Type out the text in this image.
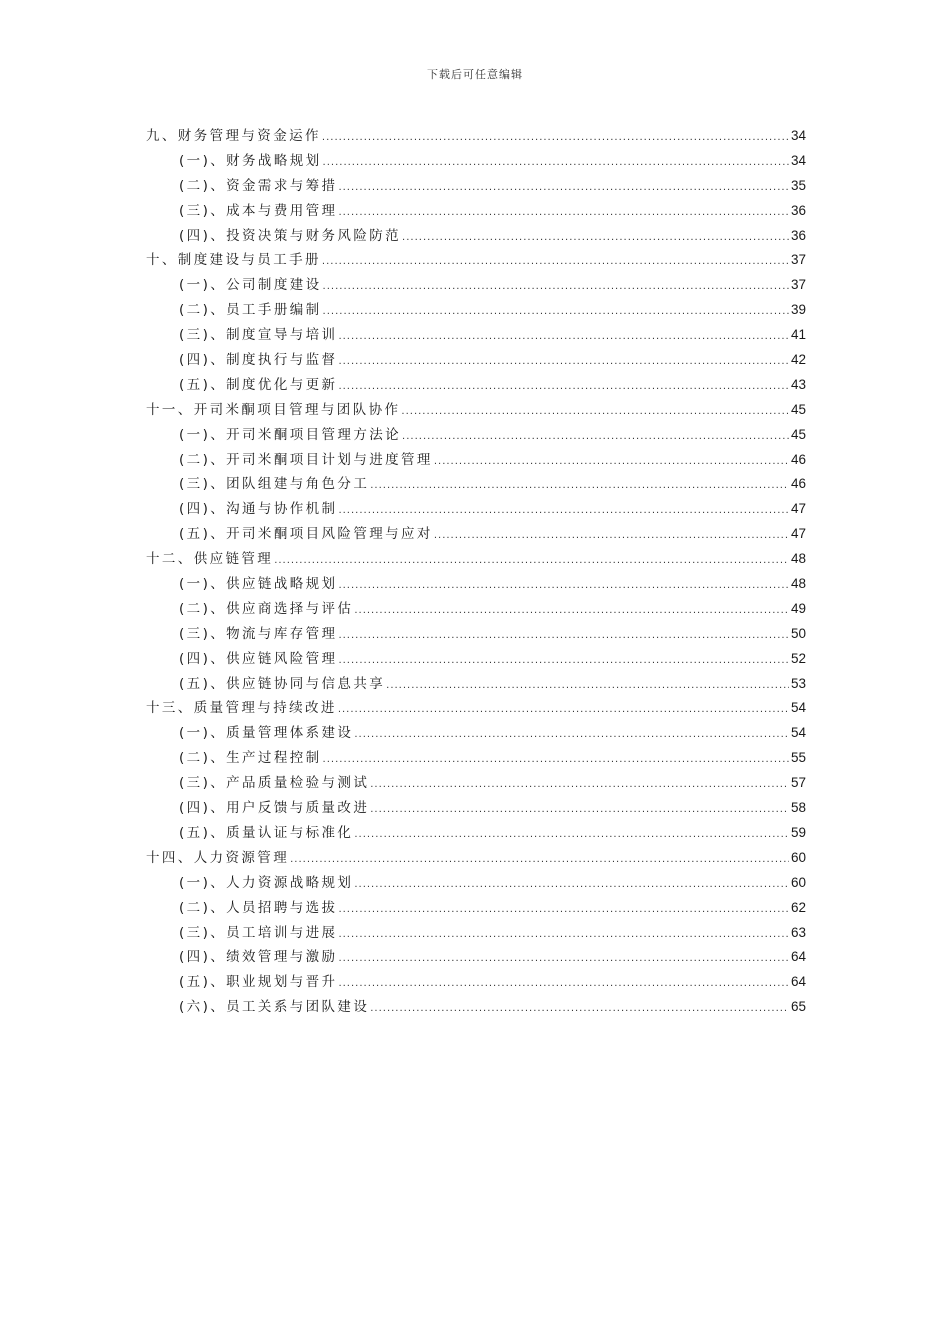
下载后可任意编辑
九、财务管理与资金运作 .....	34
(一)、财务战略规划 .....	34
(二)、资金需求与筹措 .....	35
(三)、成本与费用管理 .....	36
(四)、投资决策与财务风险防范 .....	36
十、制度建设与员工手册 .....	37
(一)、公司制度建设 .....	37
(二)、员工手册编制 .....	39
(三)、制度宣导与培训 .....	41
(四)、制度执行与监督 .....	42
(五)、制度优化与更新 .....	43
十一、开司米酮项目管理与团队协作 .....	45
(一)、开司米酮项目管理方法论 .....	45
(二)、开司米酮项目计划与进度管理 .....	46
(三)、团队组建与角色分工 .....	46
(四)、沟通与协作机制 .....	47
(五)、开司米酮项目风险管理与应对 .....	47
十二、供应链管理 .....	48
(一)、供应链战略规划 .....	48
(二)、供应商选择与评估 .....	49
(三)、物流与库存管理 .....	50
(四)、供应链风险管理 .....	52
(五)、供应链协同与信息共享 .....	53
十三、质量管理与持续改进 .....	54
(一)、质量管理体系建设 .....	54
(二)、生产过程控制 .....	55
(三)、产品质量检验与测试 .....	57
(四)、用户反馈与质量改进 .....	58
(五)、质量认证与标准化 .....	59
十四、人力资源管理 .....	60
(一)、人力资源战略规划 .....	60
(二)、人员招聘与选拔 .....	62
(三)、员工培训与进展 .....	63
(四)、绩效管理与激励 .....	64
(五)、职业规划与晋升 .....	64
(六)、员工关系与团队建设 .....	65
